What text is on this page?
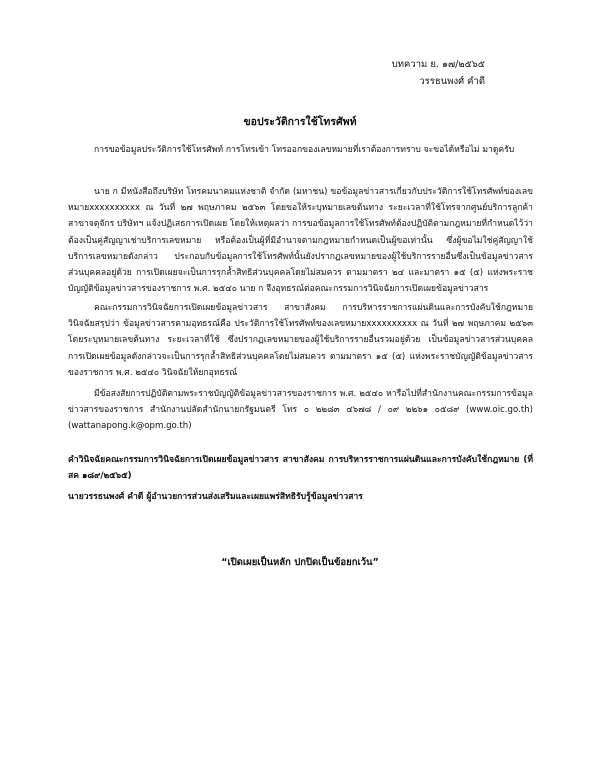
บทความ ย. ๑๗/๒๕๖๕
วรรธนพงศ์ คำดี
ขอประวัติการใช้โทรศัพท์

การขอข้อมูลประวัติการใช้โทรศัพท์ การโทรเข้า โทรออกของเลขหมายที่เราต้องการทราบ จะขอได้หรือไม่ มาดูครับ

นาย ก มีหนังสือถึงบริษัท โทรคมนาคมแห่งชาติ จำกัด (มหาชน) ขอข้อมูลข่าวสารเกี่ยวกับประวัติการใช้โทรศัพท์ของเลขหมายxxxxxxxxxx ณ วันที่ ๒๗ พฤษภาคม ๒๕๖๓ โดยขอให้ระบุหมายเลขต้นทาง ระยะเวลาที่ใช้โทรจากศูนย์บริการลูกค้า สาขาจตุจักร บริษัทฯ แจ้งปฏิเสธการเปิดเผย โดยให้เหตุผลว่า การขอข้อมูลการใช้โทรศัพท์ต้องปฏิบัติตามกฎหมายที่กำหนดไว้ว่า ต้องเป็นคู่สัญญาเช่าบริการเลขหมาย หรือต้องเป็นผู้ที่มีอำนาจตามกฎหมายกำหนดเป็นผู้ขอเท่านั้น ซึ่งผู้ขอไม่ใช่คู่สัญญาใช้บริการเลขหมายดังกล่าว ประกอบกับข้อมูลการใช้โทรศัพท์นั้นยังปรากฏเลขหมายของผู้ใช้บริการรายอื่นซึ่งเป็นข้อมูลข่าวสารส่วนบุคคลอยู่ด้วย การเปิดเผยจะเป็นการรุกล้ำสิทธิส่วนบุคคลโดยไม่สมควร ตามมาตรา ๒๔ และมาตรา ๑๕ (๕) แห่งพระราชบัญญัติข้อมูลข่าวสารของราชการ พ.ศ. ๒๕๔๐ นาย ก จึงอุทธรณ์ต่อคณะกรรมการวินิจฉัยการเปิดเผยข้อมูลข่าวสาร

คณะกรรมการวินิจฉัยการเปิดเผยข้อมูลข่าวสาร สาขาสังคม การบริหารราชการแผ่นดินและการบังคับใช้กฎหมาย วินิจฉัยสรุปว่า ข้อมูลข่าวสารตามอุทธรณ์คือ ประวัติการใช้โทรศัพท์ของเลขหมายxxxxxxxxxx ณ วันที่ ๒๗ พฤษภาคม ๒๕๖๓ โดยระบุหมายเลขต้นทาง ระยะเวลาที่ใช้ ซึ่งปรากฏเลขหมายของผู้ใช้บริการรายอื่นรวมอยู่ด้วย เป็นข้อมูลข่าวสารส่วนบุคคล การเปิดเผยข้อมูลดังกล่าวจะเป็นการรุกล้ำสิทธิส่วนบุคคลโดยไม่สมควร ตามมาตรา ๑๕ (๕) แห่งพระราชบัญญัติข้อมูลข่าวสารของราชการ พ.ศ. ๒๕๔๐ วินิจฉัยให้ยกอุทธรณ์

มีข้อสงสัยการปฏิบัติตามพระราชบัญญัติข้อมูลข่าวสารของราชการ พ.ศ. ๒๕๔๐ หารือไปที่สำนักงานคณะกรรมการข้อมูลข่าวสารของราชการ สำนักงานปลัดสำนักนายกรัฐมนตรี โทร ๐ ๒๒๘๓ ๔๖๗๘ / ๐๙ ๒๒๖๑ ๐๕๘๙ (www.oic.go.th) (wattanapong.k@opm.go.th)

คำวินิจฉัยคณะกรรมการวินิจฉัยการเปิดเผยข้อมูลข่าวสาร สาขาสังคม การบริหารราชการแผ่นดินและการบังคับใช้กฎหมาย (ที่ สค ๑๘๙/๒๕๖๕)

นายวรรธนพงศ์ คำดี ผู้อำนวยการส่วนส่งเสริมและเผยแพร่สิทธิรับรู้ข้อมูลข่าวสาร

“เปิดเผยเป็นหลัก ปกปิดเป็นข้อยกเว้น”
